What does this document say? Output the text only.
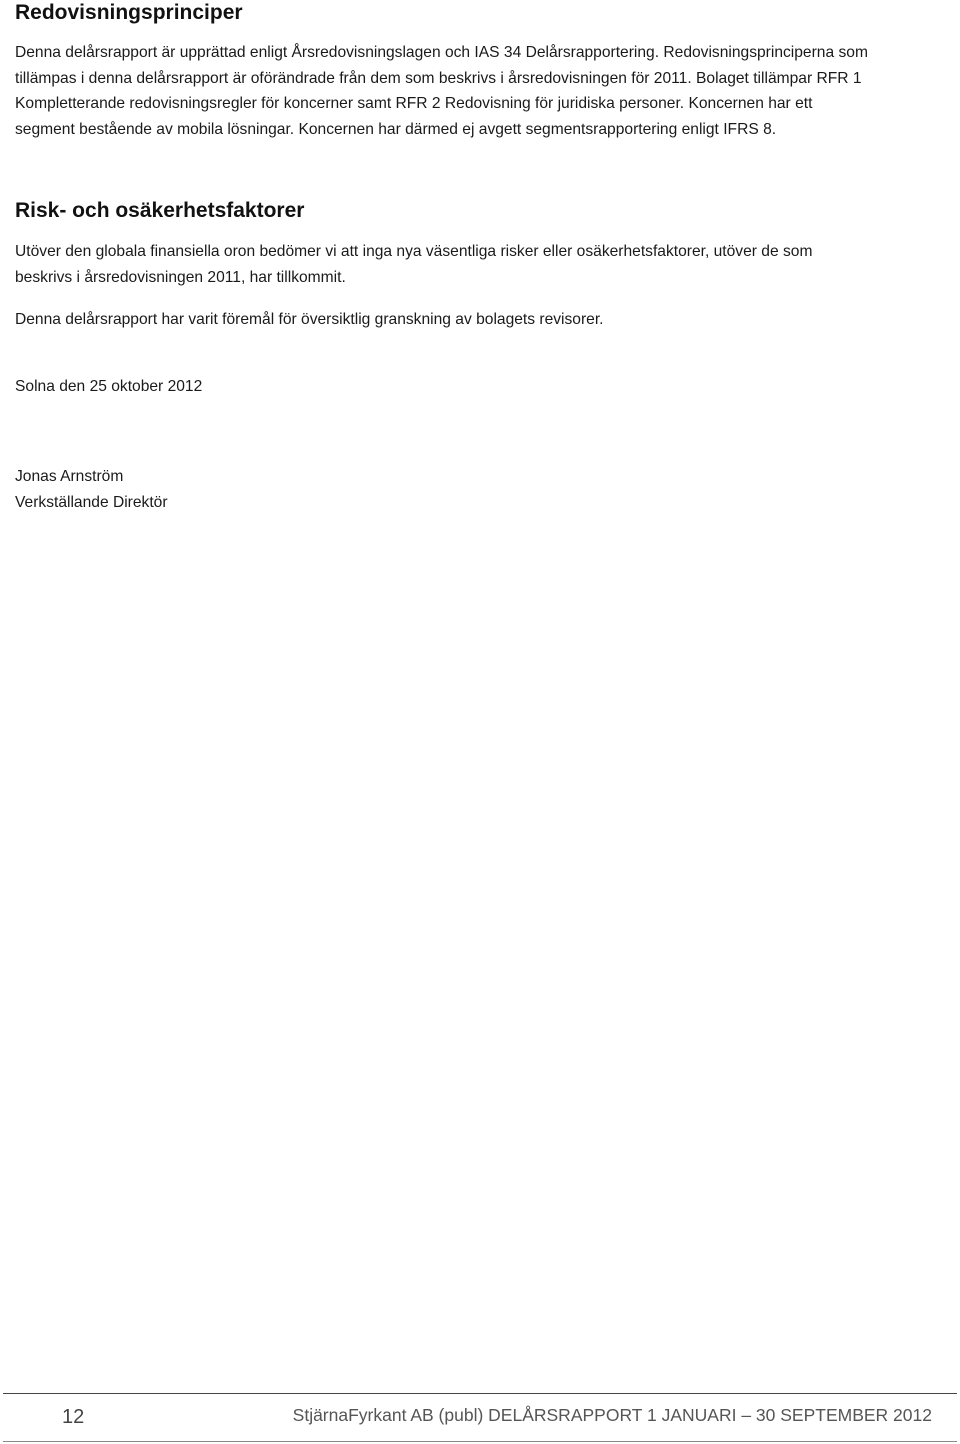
Redovisningsprinciper

Denna delårsrapport är upprättad enligt Årsredovisningslagen och IAS 34 Delårsrapportering. Redovisningsprinciperna som
tillämpas i denna delårsrapport är oförändrade från dem som beskrivs i årsredovisningen för 2011. Bolaget tillämpar RFR 1
Kompletterande redovisningsregler för koncerner samt RFR 2 Redovisning för juridiska personer. Koncernen har ett
segment bestående av mobila lösningar. Koncernen har därmed ej avgett segmentsrapportering enligt IFRS 8.

Risk- och osäkerhetsfaktorer

Utöver den globala finansiella oron bedömer vi att inga nya väsentliga risker eller osäkerhetsfaktorer, utöver de som
beskrivs i årsredovisningen 2011, har tillkommit.

Denna delårsrapport har varit föremål för översiktlig granskning av bolagets revisorer.

Solna den 25 oktober 2012

Jonas Arnström
Verkställande Direktör

12	StjärnaFyrkant AB (publ) DELÅRSRAPPORT 1 JANUARI – 30 SEPTEMBER 2012
